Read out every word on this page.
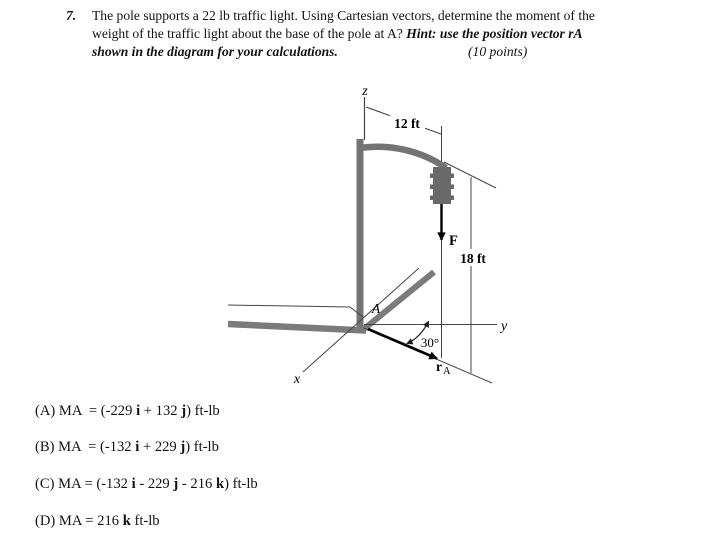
7. The pole supports a 22 lb traffic light. Using Cartesian vectors, determine the moment of the
weight of the traffic light about the base of the pole at A? Hint: use the position vector rA
shown in the diagram for your calculations.	(10 points)
z
12 ft
18 ft
F
x
y
A
r A
30°
(A) MA  = (-229 i + 132 j) ft-lb
(B) MA  = (-132 i + 229 j) ft-lb
(C) MA = (-132 i - 229 j - 216 k) ft-lb
(D) MA = 216 k ft-lb
